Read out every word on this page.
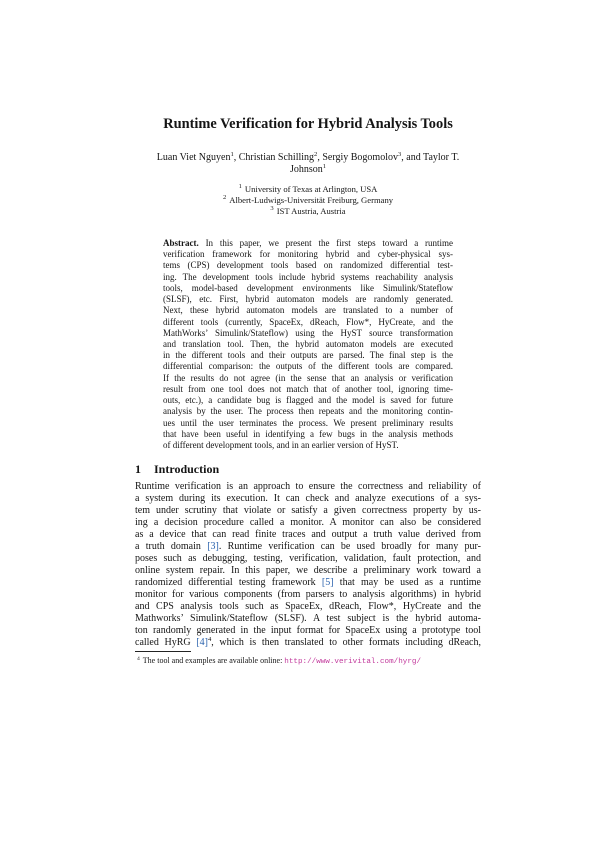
Runtime Verification for Hybrid Analysis Tools
Luan Viet Nguyen$^1$, Christian Schilling$^2$, Sergiy Bogomolov$^3$, and Taylor T.
Johnson$^1$
$^1$ University of Texas at Arlington, USA
$^2$ Albert-Ludwigs-Universität Freiburg, Germany
$^3$ IST Austria, Austria
Abstract. In this paper, we present the first steps toward a runtime
verification framework for monitoring hybrid and cyber-physical sys-
tems (CPS) development tools based on randomized differential test-
ing. The development tools include hybrid systems reachability analysis
tools, model-based development environments like Simulink/Stateflow
(SLSF), etc. First, hybrid automaton models are randomly generated.
Next, these hybrid automaton models are translated to a number of
different tools (currently, SpaceEx, dReach, Flow*, HyCreate, and the
MathWorks’ Simulink/Stateflow) using the HyST source transformation
and translation tool. Then, the hybrid automaton models are executed
in the different tools and their outputs are parsed. The final step is the
differential comparison: the outputs of the different tools are compared.
If the results do not agree (in the sense that an analysis or verification
result from one tool does not match that of another tool, ignoring time-
outs, etc.), a candidate bug is flagged and the model is saved for future
analysis by the user. The process then repeats and the monitoring contin-
ues until the user terminates the process. We present preliminary results
that have been useful in identifying a few bugs in the analysis methods
of different development tools, and in an earlier version of HyST.
1 Introduction
Runtime verification is an approach to ensure the correctness and reliability of
a system during its execution. It can check and analyze executions of a sys-
tem under scrutiny that violate or satisfy a given correctness property by us-
ing a decision procedure called a monitor. A monitor can also be considered
as a device that can read finite traces and output a truth value derived from
a truth domain [3]. Runtime verification can be used broadly for many pur-
poses such as debugging, testing, verification, validation, fault protection, and
online system repair. In this paper, we describe a preliminary work toward a
randomized differential testing framework [5] that may be used as a runtime
monitor for various components (from parsers to analysis algorithms) in hybrid
and CPS analysis tools such as SpaceEx, dReach, Flow*, HyCreate and the
Mathworks’ Simulink/Stateflow (SLSF). A test subject is the hybrid automa-
ton randomly generated in the input format for SpaceEx using a prototype tool
called HyRG $[4]^4$, which is then translated to other formats including dReach,
$^4$ The tool and examples are available online: http://www.verivital.com/hyrg/
